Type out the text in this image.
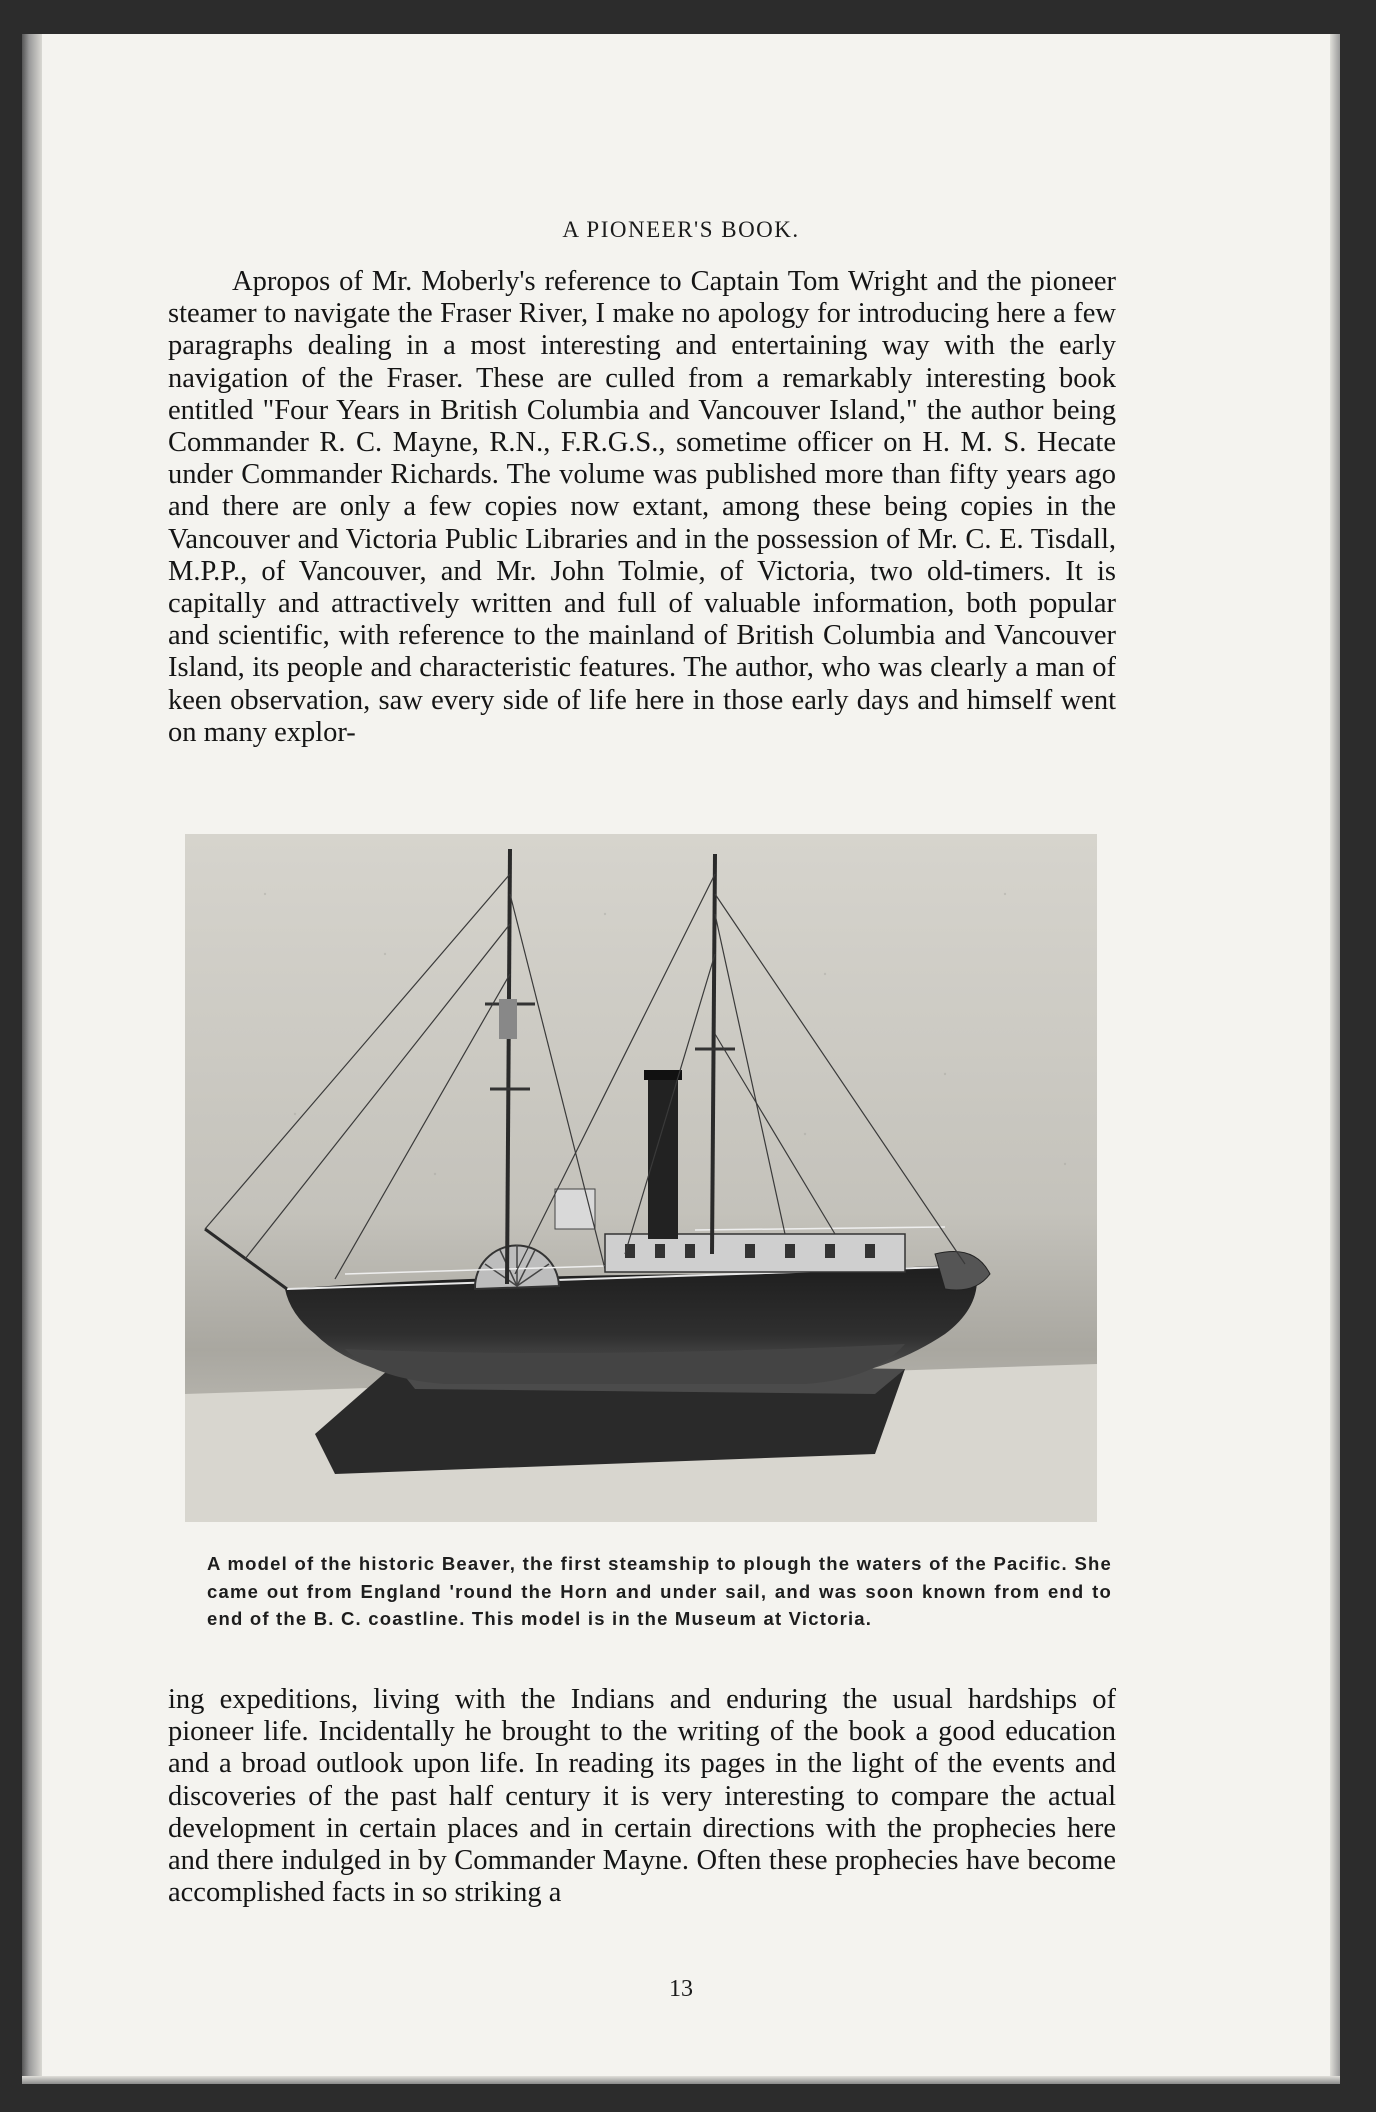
A PIONEER'S BOOK.

Apropos of Mr. Moberly's reference to Captain Tom Wright and the pioneer steamer to navigate the Fraser River, I make no apology for introducing here a few paragraphs dealing in a most interesting and entertaining way with the early navigation of the Fraser. These are culled from a remarkably interesting book entitled "Four Years in British Columbia and Vancouver Island," the author being Commander R. C. Mayne, R.N., F.R.G.S., sometime officer on H. M. S. Hecate under Commander Richards. The volume was published more than fifty years ago and there are only a few copies now extant, among these being copies in the Vancouver and Victoria Public Libraries and in the possession of Mr. C. E. Tisdall, M.P.P., of Vancouver, and Mr. John Tolmie, of Victoria, two old-timers. It is capitally and attractively written and full of valuable information, both popular and scientific, with reference to the mainland of British Columbia and Vancouver Island, its people and characteristic features. The author, who was clearly a man of keen observation, saw every side of life here in those early days and himself went on many explor-

A model of the historic Beaver, the first steamship to plough the waters of the Pacific. She came out from England 'round the Horn and under sail, and was soon known from end to end of the B. C. coastline. This model is in the Museum at Victoria.

ing expeditions, living with the Indians and enduring the usual hardships of pioneer life. Incidentally he brought to the writing of the book a good education and a broad outlook upon life. In reading its pages in the light of the events and discoveries of the past half century it is very interesting to compare the actual development in certain places and in certain directions with the prophecies here and there indulged in by Commander Mayne. Often these prophecies have become accomplished facts in so striking a

13
